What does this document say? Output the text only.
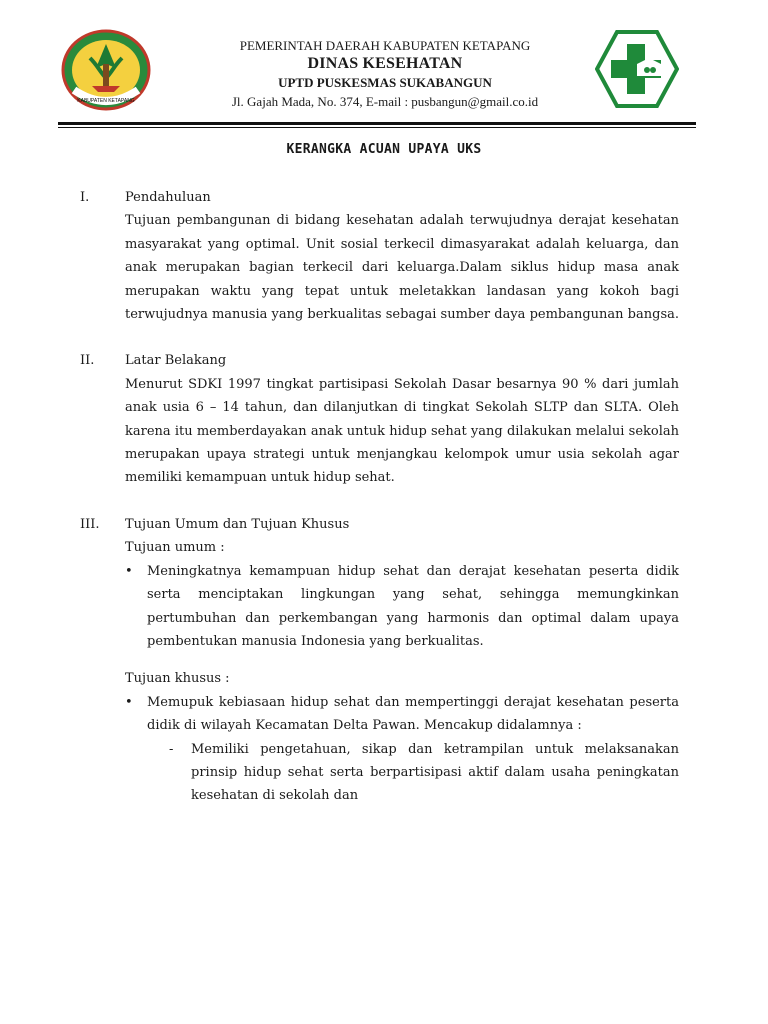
KABUPATEN KETAPANG
PEMERINTAH DAERAH KABUPATEN KETAPANG
DINAS KESEHATAN
UPTD PUSKESMAS SUKABANGUN
Jl. Gajah Mada, No. 374, E-mail : pusbangun@gmail.co.id
KERANGKA ACUAN UPAYA UKS
I.	Pendahuluan
Tujuan pembangunan di bidang kesehatan adalah terwujudnya derajat kesehatan masyarakat yang optimal. Unit sosial terkecil dimasyarakat adalah keluarga, dan anak merupakan bagian terkecil dari keluarga.Dalam siklus hidup masa anak merupakan waktu yang tepat untuk meletakkan landasan yang kokoh bagi terwujudnya manusia yang berkualitas sebagai sumber daya pembangunan bangsa.
II.	Latar Belakang
Menurut SDKI 1997 tingkat partisipasi Sekolah Dasar besarnya 90 % dari jumlah anak usia 6 – 14 tahun, dan dilanjutkan di tingkat Sekolah SLTP dan SLTA. Oleh karena itu memberdayakan anak untuk hidup sehat yang dilakukan melalui sekolah merupakan upaya strategi untuk menjangkau kelompok umur usia sekolah agar memiliki kemampuan untuk hidup sehat.
III.	Tujuan Umum dan Tujuan Khusus
Tujuan umum :
• Meningkatnya kemampuan hidup sehat dan derajat kesehatan peserta didik serta menciptakan lingkungan yang sehat, sehingga memungkinkan pertumbuhan dan perkembangan yang harmonis dan optimal dalam upaya pembentukan manusia Indonesia yang berkualitas.
Tujuan khusus :
• Memupuk kebiasaan hidup sehat dan mempertinggi derajat kesehatan peserta didik di wilayah Kecamatan Delta Pawan. Mencakup didalamnya :
- Memiliki pengetahuan, sikap dan ketrampilan untuk melaksanakan prinsip hidup sehat serta berpartisipasi aktif dalam usaha peningkatan kesehatan di sekolah dan
